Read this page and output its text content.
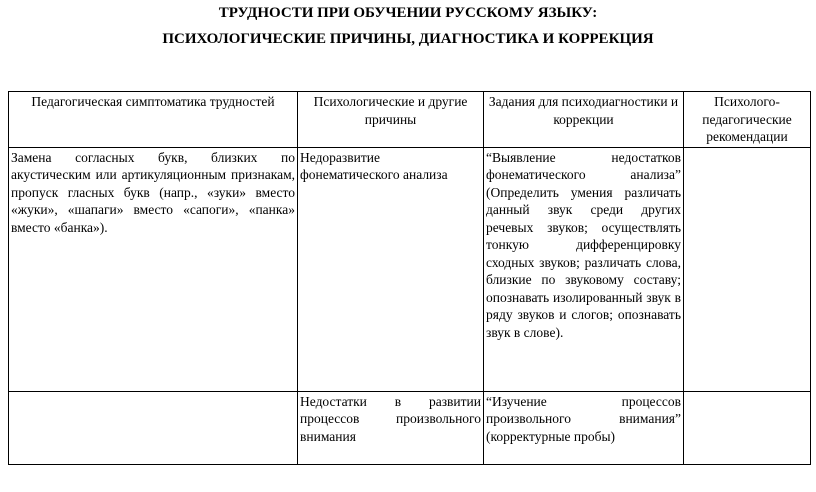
ТРУДНОСТИ ПРИ ОБУЧЕНИИ РУССКОМУ ЯЗЫКУ:
ПСИХОЛОГИЧЕСКИЕ ПРИЧИНЫ, ДИАГНОСТИКА И КОРРЕКЦИЯ
Педагогическая симптоматика трудностей	Психологические и другие причины	Задания для психодиагностики и коррекции	Психолого-педагогические рекомендации
Замена согласных букв, близких по акустическим или артикуляционным признакам, пропуск гласных букв (напр., «зуки» вместо «жуки», «шапаги» вместо «сапоги», «панка» вместо «банка»).	Недоразвитие фонематического анализа	“Выявление недостатков фонематического анализа” (Определить умения различать данный звук среди других речевых звуков; осуществлять тонкую дифференцировку сходных звуков; различать слова, близкие по звуковому составу; опознавать изолированный звук в ряду звуков и слогов; опознавать звук в слове).	
	Недостатки в развитии процессов произвольного внимания	“Изучение процессов произвольного внимания” (корректурные пробы)	
